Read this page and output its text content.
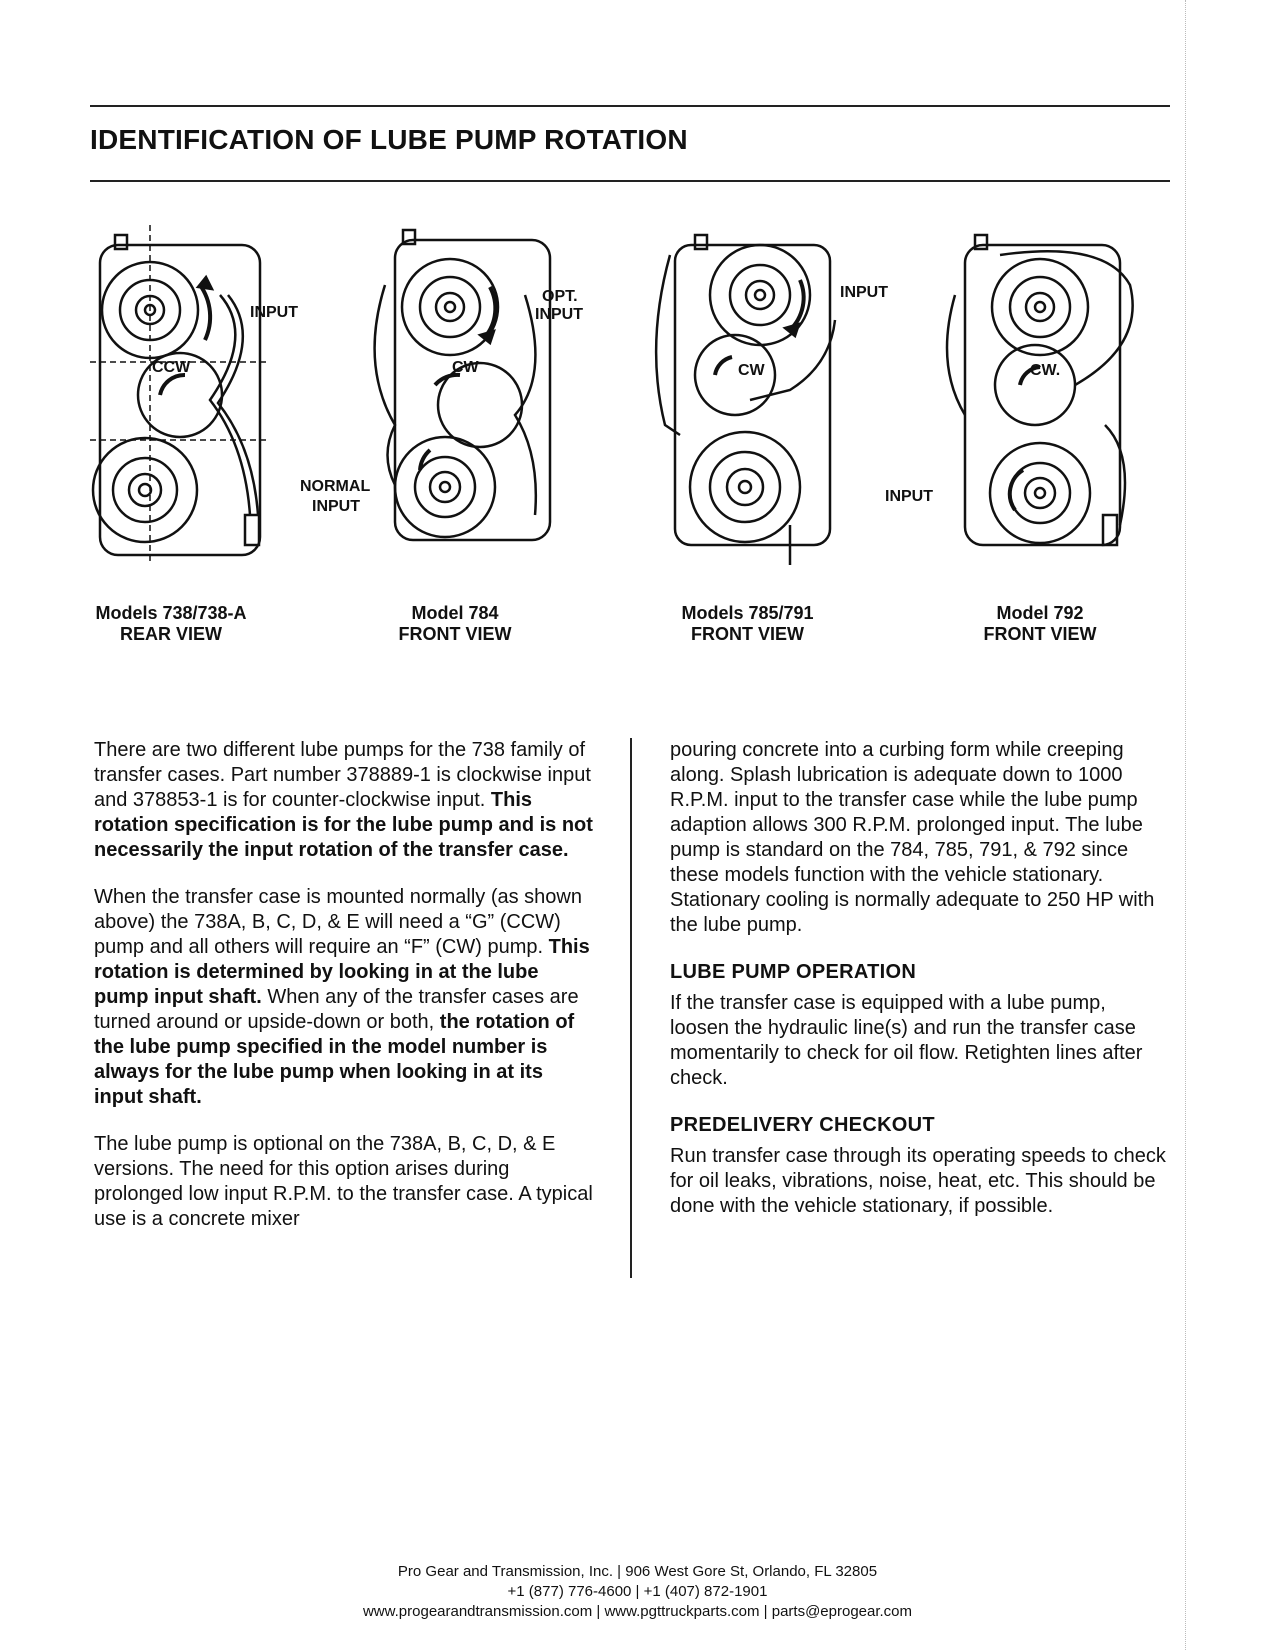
IDENTIFICATION OF LUBE PUMP ROTATION
INPUT
CCW
Models 738/738-A
REAR VIEW
OPT.
INPUT
CW
NORMAL
INPUT
Model 784
FRONT VIEW
INPUT
CW
Models 785/791
FRONT VIEW
CW.
INPUT
Model 792
FRONT VIEW

There are two different lube pumps for the 738 family of transfer cases. Part number 378889-1 is clockwise input and 378853-1 is for counter-clockwise input. This rotation specification is for the lube pump and is not necessarily the input rotation of the transfer case.

When the transfer case is mounted normally (as shown above) the 738A, B, C, D, & E will need a “G” (CCW) pump and all others will require an “F” (CW) pump. This rotation is determined by looking in at the lube pump input shaft. When any of the transfer cases are turned around or upside-down or both, the rotation of the lube pump specified in the model number is always for the lube pump when looking in at its input shaft.

The lube pump is optional on the 738A, B, C, D, & E versions. The need for this option arises during prolonged low input R.P.M. to the transfer case. A typical use is a concrete mixer

pouring concrete into a curbing form while creeping along. Splash lubrication is adequate down to 1000 R.P.M. input to the transfer case while the lube pump adaption allows 300 R.P.M. prolonged input. The lube pump is standard on the 784, 785, 791, & 792 since these models function with the vehicle stationary. Stationary cooling is normally adequate to 250 HP with the lube pump.

LUBE PUMP OPERATION

If the transfer case is equipped with a lube pump, loosen the hydraulic line(s) and run the transfer case momentarily to check for oil flow. Retighten lines after check.

PREDELIVERY CHECKOUT

Run transfer case through its operating speeds to check for oil leaks, vibrations, noise, heat, etc. This should be done with the vehicle stationary, if possible.

Pro Gear and Transmission, Inc. | 906 West Gore St, Orlando, FL 32805
+1 (877) 776-4600 | +1 (407) 872-1901
www.progearandtransmission.com | www.pgttruckparts.com | parts@eprogear.com
